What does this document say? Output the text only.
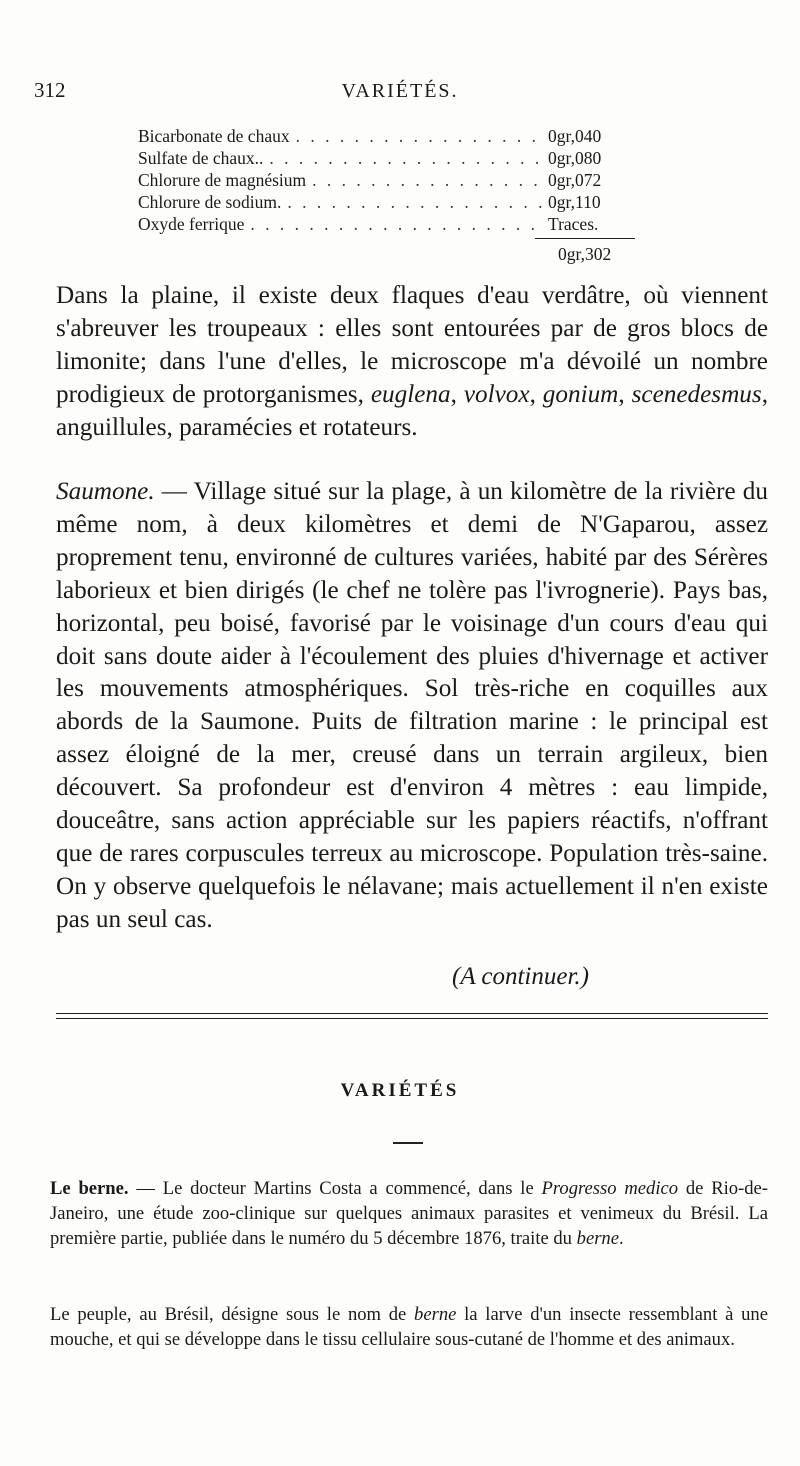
312	VARIÉTÉS.
Bicarbonate de chaux . . .	0gr,040
Sulfate de chaux.. . . .	0gr,080
Chlorure de magnésium . . .	0gr,072
Chlorure de sodium. . . .	0gr,110
Oxyde ferrique . . .	Traces.
0gr,302

Dans la plaine, il existe deux flaques d'eau verdâtre, où viennent s'abreuver les troupeaux : elles sont entourées par de gros blocs de limonite; dans l'une d'elles, le microscope m'a dévoilé un nombre prodigieux de protorganismes, euglena, volvox, gonium, scenedesmus, anguillules, paramécies et rotateurs.

Saumone. — Village situé sur la plage, à un kilomètre de la rivière du même nom, à deux kilomètres et demi de N'Gaparou, assez proprement tenu, environné de cultures variées, habité par des Sérères laborieux et bien dirigés (le chef ne tolère pas l'ivrognerie). Pays bas, horizontal, peu boisé, favorisé par le voisinage d'un cours d'eau qui doit sans doute aider à l'écoulement des pluies d'hivernage et activer les mouvements atmosphériques. Sol très-riche en coquilles aux abords de la Saumone. Puits de filtration marine : le principal est assez éloigné de la mer, creusé dans un terrain argileux, bien découvert. Sa profondeur est d'environ 4 mètres : eau limpide, douceâtre, sans action appréciable sur les papiers réactifs, n'offrant que de rares corpuscules terreux au microscope. Population très-saine. On y observe quelquefois le nélavane; mais actuellement il n'en existe pas un seul cas.

(A continuer.)
VARIÉTÉS

Le berne. — Le docteur Martins Costa a commencé, dans le Progresso medico de Rio-de-Janeiro, une étude zoo-clinique sur quelques animaux parasites et venimeux du Brésil. La première partie, publiée dans le numéro du 5 décembre 1876, traite du berne.

Le peuple, au Brésil, désigne sous le nom de berne la larve d'un insecte ressemblant à une mouche, et qui se développe dans le tissu cellulaire sous-cutané de l'homme et des animaux.
